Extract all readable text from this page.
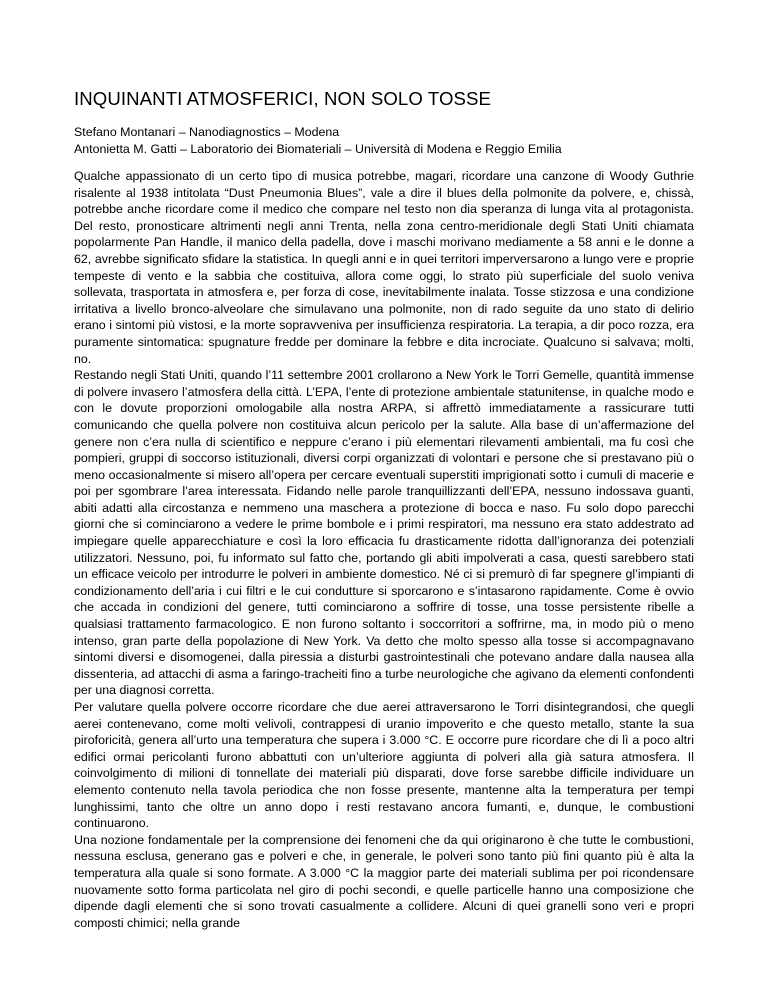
INQUINANTI ATMOSFERICI, NON SOLO TOSSE
Stefano Montanari – Nanodiagnostics – Modena
Antonietta M. Gatti – Laboratorio dei Biomateriali – Università di Modena e Reggio Emilia

Qualche appassionato di un certo tipo di musica potrebbe, magari, ricordare una canzone di Woody Guthrie risalente al 1938 intitolata “Dust Pneumonia Blues”, vale a dire il blues della polmonite da polvere, e, chissà, potrebbe anche ricordare come il medico che compare nel testo non dia speranza di lunga vita al protagonista. Del resto, pronosticare altrimenti negli anni Trenta, nella zona centro-meridionale degli Stati Uniti chiamata popolarmente Pan Handle, il manico della padella, dove i maschi morivano mediamente a 58 anni e le donne a 62, avrebbe significato sfidare la statistica. In quegli anni e in quei territori imperversarono a lungo vere e proprie tempeste di vento e la sabbia che costituiva, allora come oggi, lo strato più superficiale del suolo veniva sollevata, trasportata in atmosfera e, per forza di cose, inevitabilmente inalata. Tosse stizzosa e una condizione irritativa a livello bronco-alveolare che simulavano una polmonite, non di rado seguite da uno stato di delirio erano i sintomi più vistosi, e la morte sopravveniva per insufficienza respiratoria. La terapia, a dir poco rozza, era puramente sintomatica: spugnature fredde per dominare la febbre e dita incrociate. Qualcuno si salvava; molti, no.

Restando negli Stati Uniti, quando l’11 settembre 2001 crollarono a New York le Torri Gemelle, quantità immense di polvere invasero l’atmosfera della città. L’EPA, l’ente di protezione ambientale statunitense, in qualche modo e con le dovute proporzioni omologabile alla nostra ARPA, si affrettò immediatamente a rassicurare tutti comunicando che quella polvere non costituiva alcun pericolo per la salute. Alla base di un’affermazione del genere non c’era nulla di scientifico e neppure c’erano i più elementari rilevamenti ambientali, ma fu così che pompieri, gruppi di soccorso istituzionali, diversi corpi organizzati di volontari e persone che si prestavano più o meno occasionalmente si misero all’opera per cercare eventuali superstiti imprigionati sotto i cumuli di macerie e poi per sgombrare l’area interessata. Fidando nelle parole tranquillizzanti dell’EPA, nessuno indossava guanti, abiti adatti alla circostanza e nemmeno una maschera a protezione di bocca e naso. Fu solo dopo parecchi giorni che si cominciarono a vedere le prime bombole e i primi respiratori, ma nessuno era stato addestrato ad impiegare quelle apparecchiature e così la loro efficacia fu drasticamente ridotta dall’ignoranza dei potenziali utilizzatori. Nessuno, poi, fu informato sul fatto che, portando gli abiti impolverati a casa, questi sarebbero stati un efficace veicolo per introdurre le polveri in ambiente domestico. Né ci si premurò di far spegnere gl’impianti di condizionamento dell’aria i cui filtri e le cui condutture si sporcarono e s’intasarono rapidamente. Come è ovvio che accada in condizioni del genere, tutti cominciarono a soffrire di tosse, una tosse persistente ribelle a qualsiasi trattamento farmacologico. E non furono soltanto i soccorritori a soffrirne, ma, in modo più o meno intenso, gran parte della popolazione di New York. Va detto che molto spesso alla tosse si accompagnavano sintomi diversi e disomogenei, dalla piressia a disturbi gastrointestinali che potevano andare dalla nausea alla dissenteria, ad attacchi di asma a faringo-tracheiti fino a turbe neurologiche che agivano da elementi confondenti per una diagnosi corretta.

Per valutare quella polvere occorre ricordare che due aerei attraversarono le Torri disintegrandosi, che quegli aerei contenevano, come molti velivoli, contrappesi di uranio impoverito e che questo metallo, stante la sua piroforicità, genera all’urto una temperatura che supera i 3.000 °C. E occorre pure ricordare che di lì a poco altri edifici ormai pericolanti furono abbattuti con un’ulteriore aggiunta di polveri alla già satura atmosfera. Il coinvolgimento di milioni di tonnellate dei materiali più disparati, dove forse sarebbe difficile individuare un elemento contenuto nella tavola periodica che non fosse presente, mantenne alta la temperatura per tempi lunghissimi, tanto che oltre un anno dopo i resti restavano ancora fumanti, e, dunque, le combustioni continuarono.

Una nozione fondamentale per la comprensione dei fenomeni che da qui originarono è che tutte le combustioni, nessuna esclusa, generano gas e polveri e che, in generale, le polveri sono tanto più fini quanto più è alta la temperatura alla quale si sono formate. A 3.000 °C la maggior parte dei materiali sublima per poi ricondensare nuovamente sotto forma particolata nel giro di pochi secondi, e quelle particelle hanno una composizione che dipende dagli elementi che si sono trovati casualmente a collidere. Alcuni di quei granelli sono veri e propri composti chimici; nella grande
